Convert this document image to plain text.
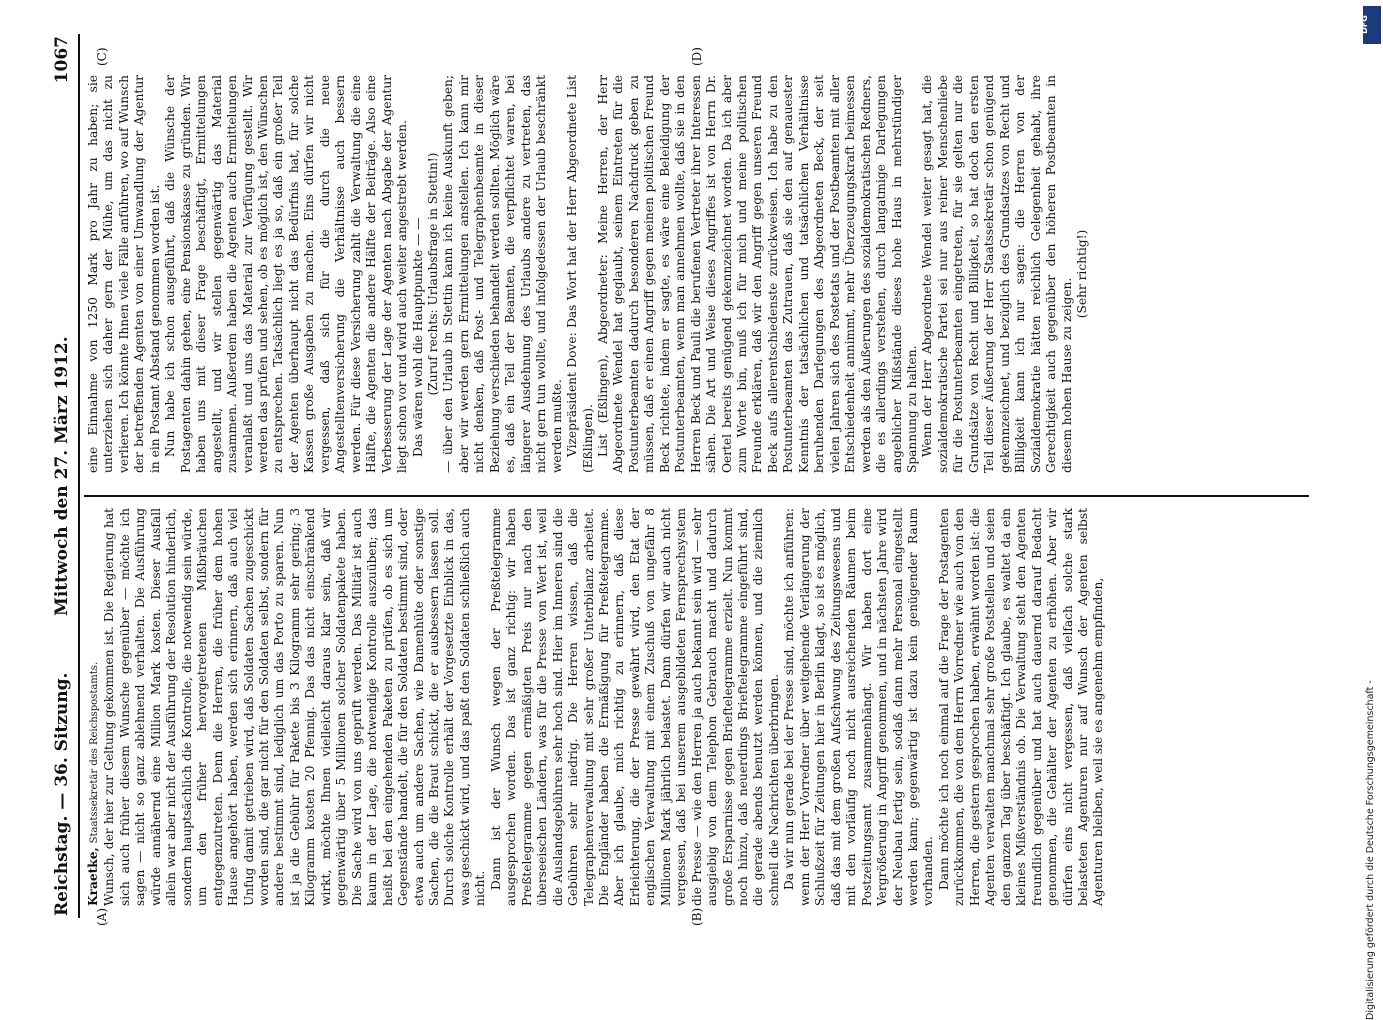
Reichstag. — 36. Sitzung.
Mittwoch den 27. März 1912.
1067
(A)	(B)
(C)	(D)

Kraetke, Staatssekretär des Reichspostamts. Wunsch, der hier zur Geltung gekommen ist. Die Regierung hat sich auch früher diesem Wunsche gegenüber — möchte ich sagen — nicht so ganz ablehnend verhalten. Die Ausführung würde annähernd eine Million Mark kosten. Dieser Ausfall allein war aber nicht der Ausführung der Resolution hinderlich, sondern hauptsächlich die Kontrolle, die notwendig sein würde, um den früher hervorgetretenen Mißbräuchen entgegenzutreten. Denn die Herren, die früher dem hohen Hause angehört haben, werden sich erinnern, daß auch viel Unfug damit getrieben wird, daß Soldaten Sachen zugeschickt worden sind, die gar nicht für den Soldaten selbst, sondern für andere bestimmt sind, lediglich um das Porto zu sparen. Nun ist ja die Gebühr für Pakete bis 3 Kilogramm sehr gering; 3 Kilogramm kosten 20 Pfennig. Das das nicht einschränkend wirkt, möchte Ihnen vielleicht daraus klar sein, daß wir gegenwärtig über 5 Millionen solcher Soldatenpakete haben. Die Sache wird von uns geprüft werden. Das Militär ist auch kaum in der Lage, die notwendige Kontrolle auszuüben; das heißt bei den eingehenden Paketen zu prüfen, ob es sich um Gegenstände handelt, die für den Soldaten bestimmt sind, oder etwa auch um andere Sachen, wie Damenhüte oder sonstige Sachen, die die Braut schickt, die er ausbessern lassen soll. Durch solche Kontrolle erhält der Vorgesetzte Einblick in das, was geschickt wird, und das paßt den Soldaten schließlich auch nicht. Dann ist der Wunsch wegen der Preßtelegramme ausgesprochen worden. Das ist ganz richtig: wir haben Preßtelegramme gegen ermäßigten Preis nur nach den überseeischen Ländern, was für die Presse von Wert ist, weil die Auslandsgebühren sehr hoch sind. Hier im Inneren sind die Gebühren sehr niedrig. Die Herren wissen, daß die Telegraphenverwaltung mit sehr großer Unterbilanz arbeitet. Die Engländer haben die Ermäßigung für Preßtelegramme. Aber ich glaube, mich richtig zu erinnern, daß diese Erleichterung, die der Presse gewährt wird, den Etat der englischen Verwaltung mit einem Zuschuß von ungefähr 8 Millionen Mark jährlich belastet. Dann dürfen wir auch nicht vergessen, daß bei unserem ausgebildeten Fernsprechsystem die Presse — wie den Herren ja auch bekannt sein wird — sehr ausgiebig von dem Telephon Gebrauch macht und dadurch große Ersparnisse gegen Brieftelegramme erzielt. Nun kommt noch hinzu, daß neuerdings Brieftelegramme eingeführt sind, die gerade abends benutzt werden können, und die ziemlich schnell die Nachrichten überbringen. Da wir nun gerade bei der Presse sind, möchte ich anführen: wenn der Herr Vorredner über weitgehende Verlängerung der Schlußzeit für Zeitungen hier in Berlin klagt, so ist es möglich, daß das mit dem großen Aufschwung des Zeitungswesens und mit den vorläufig noch nicht ausreichenden Räumen beim Postzeitungsamt zusammenhängt. Wir haben dort eine Vergrößerung in Angriff genommen, und in nächsten Jahre wird der Neubau fertig sein, sodaß dann mehr Personal eingestellt werden kann; gegenwärtig ist dazu kein genügender Raum vorhanden. Dann möchte ich noch einmal auf die Frage der Postagenten zurückkommen, die von dem Herrn Vorredner wie auch von den Herren, die gestern gesprochen haben, erwähnt worden ist: die Agenten verwalten manchmal sehr große Poststellen und seien den ganzen Tag über beschäftigt. Ich glaube, es waltet da ein kleines Mißverständnis ob. Die Verwaltung steht den Agenten freundlich gegenüber und hat auch dauernd darauf Bedacht genommen, die Gehälter der Agenten zu erhöhen. Aber wir dürfen eins nicht vergessen, daß vielfach solche stark belasteten Agenturen nur auf Wunsch der Agenten selbst Agenturen bleiben, weil sie es angenehm empfinden,

eine Einnahme von 1250 Mark pro Jahr zu haben; sie unterziehen sich daher gern der Mühe, um das nicht zu verlieren. Ich könnte Ihnen viele Fälle anführen, wo auf Wunsch der betreffenden Agenten von einer Umwandlung der Agentur in ein Postamt Abstand genommen worden ist. Nun habe ich schon ausgeführt, daß die Wünsche der Postagenten dahin gehen, eine Pensionskasse zu gründen. Wir haben uns mit dieser Frage beschäftigt, Ermittelungen angestellt, und wir stellen gegenwärtig das Material zusammen. Außerdem haben die Agenten auch Ermittelungen veranlaßt und uns das Material zur Verfügung gestellt. Wir werden das prüfen und sehen, ob es möglich ist, den Wünschen zu entsprechen. Tatsächlich liegt es ja so, daß ein großer Teil der Agenten überhaupt nicht das Bedürfnis hat, für solche Kassen große Ausgaben zu machen. Eins dürfen wir nicht vergessen, daß sich für die durch die neue Angestelltenversicherung die Verhältnisse auch bessern werden. Für diese Versicherung zahlt die Verwaltung die eine Hälfte, die Agenten die andere Hälfte der Beiträge. Also eine Verbesserung der Lage der Agenten nach Abgabe der Agentur liegt schon vor und wird auch weiter angestrebt werden. Das wären wohl die Hauptpunkte — — (Zuruf rechts: Urlaubsfrage in Stettin!) — über den Urlaub in Stettin kann ich keine Auskunft geben; aber wir werden gern Ermittelungen anstellen. Ich kann mir nicht denken, daß Post- und Telegraphenbeamte in dieser Beziehung verschieden behandelt werden sollten. Möglich wäre es, daß ein Teil der Beamten, die verpflichtet waren, bei längerer Ausdehnung des Urlaubs andere zu vertreten, das nicht gern tun wollte, und infolgedessen der Urlaub beschränkt werden mußte. Vizepräsident Dove: Das Wort hat der Herr Abgeordnete List (Eßlingen). List (Eßlingen), Abgeordneter: Meine Herren, der Herr Abgeordnete Wendel hat geglaubt, seinem Eintreten für die Postunterbeamten dadurch besonderen Nachdruck geben zu müssen, daß er einen Angriff gegen meinen politischen Freund Beck richtete, indem er sagte, es wäre eine Beleidigung der Postunterbeamten, wenn man annehmen wollte, daß sie in den Herren Beck und Pauli die berufenen Vertreter ihrer Interessen sähen. Die Art und Weise dieses Angriffes ist von Herrn Dr. Oertel bereits genügend gekennzeichnet worden. Da ich aber zum Worte bin, muß ich für mich und meine politischen Freunde erklären, daß wir den Angriff gegen unseren Freund Beck aufs allerentschiedenste zurückweisen. Ich habe zu den Postunterbeamten das Zutrauen, daß sie den auf genauester Kenntnis der tatsächlichen und tatsächlichen Verhältnisse beruhenden Darlegungen des Abgeordneten Beck, der seit vielen Jahren sich des Postetats und der Postbeamten mit aller Entschiedenheit annimmt, mehr Überzeugungskraft beimessen werden als den Äußerungen des sozialdemokratischen Redners, die es allerdings verstehen, durch langatmige Darlegungen angeblicher Mißstände dieses hohe Haus in mehrstündiger Spannung zu halten. Wenn der Herr Abgeordnete Wendel weiter gesagt hat, die sozialdemokratische Partei sei nur aus reiner Menschenliebe für die Postunterbeamten eingetreten, für sie gelten nur die Grundsätze von Recht und Billigkeit, so hat doch den ersten Teil dieser Äußerung der Herr Staatssekretär schon genügend gekennzeichnet, und bezüglich des Grundsatzes von Recht und Billigkeit kann ich nur sagen: die Herren von der Sozialdemokratie hätten reichlich Gelegenheit gehabt, ihre Gerechtigkeit auch gegenüber den höheren Postbeamten in diesem hohen Hause zu zeigen.

(Sehr richtig!)

DFG
Digitalisierung gefördert durch die Deutsche Forschungsgemeinschaft -
